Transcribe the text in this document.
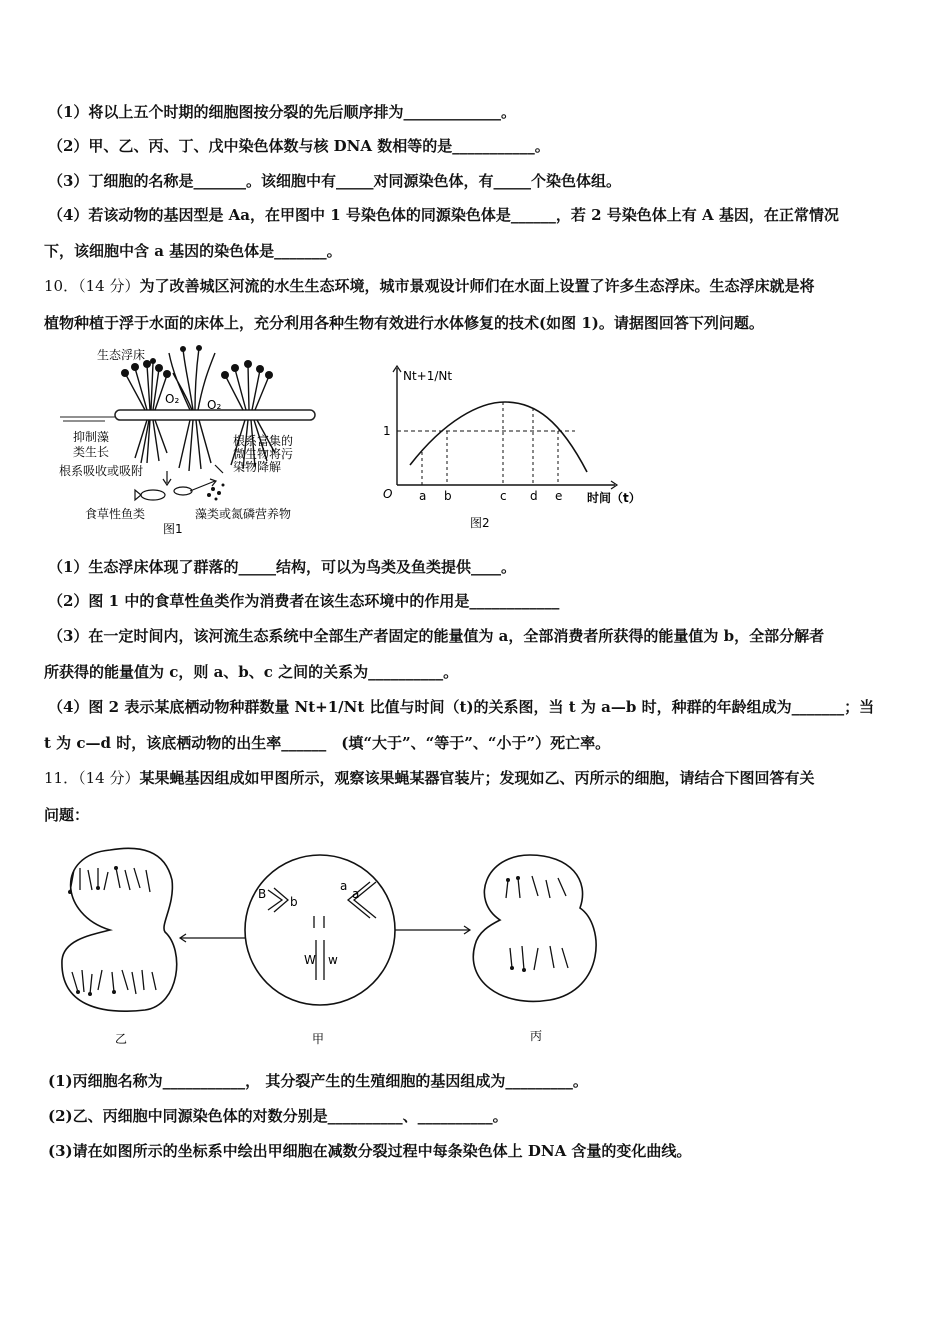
（1）将以上五个时期的细胞图按分裂的先后顺序排为_____________。
（2）甲、乙、丙、丁、戊中染色体数与核 DNA 数相等的是___________。
（3）丁细胞的名称是_______。该细胞中有_____对同源染色体，有_____个染色体组。
（4）若该动物的基因型是 Aa，在甲图中 1 号染色体的同源染色体是______，若 2 号染色体上有 A 基因，在正常情况
下，该细胞中含 a 基因的染色体是_______。
10．（14 分）为了改善城区河流的水生生态环境，城市景观设计师们在水面上设置了许多生态浮床。生态浮床就是将
植物种植于浮于水面的床体上，充分利用各种生物有效进行水体修复的技术(如图 1)。请据图回答下列问题。
生态浮床
O₂ O₂
抑制藻
类生长
根系吸收或吸附
根系富集的
微生物将污
染物降解
食草性鱼类	藻类或氮磷营养物
图1
Nt+1/Nt
O
1
a b	c d e 时间（t）
图2
（1）生态浮床体现了群落的_____结构，可以为鸟类及鱼类提供____。
（2）图 1 中的食草性鱼类作为消费者在该生态环境中的作用是____________
（3）在一定时间内，该河流生态系统中全部生产者固定的能量值为 a，全部消费者所获得的能量值为 b，全部分解者
所获得的能量值为 c，则 a、b、c 之间的关系为__________。
（4）图 2 表示某底栖动物种群数量 Nt+1/Nt 比值与时间（t)的关系图，当 t 为 a—b 时，种群的年龄组成为_______；当
t 为 c—d 时，该底栖动物的出生率______　(填“大于”、“等于”、“小于”）死亡率。
11．（14 分）某果蝇基因组成如甲图所示，观察该果蝇某器官装片；发现如乙、丙所示的细胞，请结合下图回答有关
问题：
B
b
a
a
W w
乙	甲	丙
(1)丙细胞名称为___________， 其分裂产生的生殖细胞的基因组成为_________。
(2)乙、丙细胞中同源染色体的对数分别是__________、__________。
(3)请在如图所示的坐标系中绘出甲细胞在减数分裂过程中每条染色体上 DNA 含量的变化曲线。
